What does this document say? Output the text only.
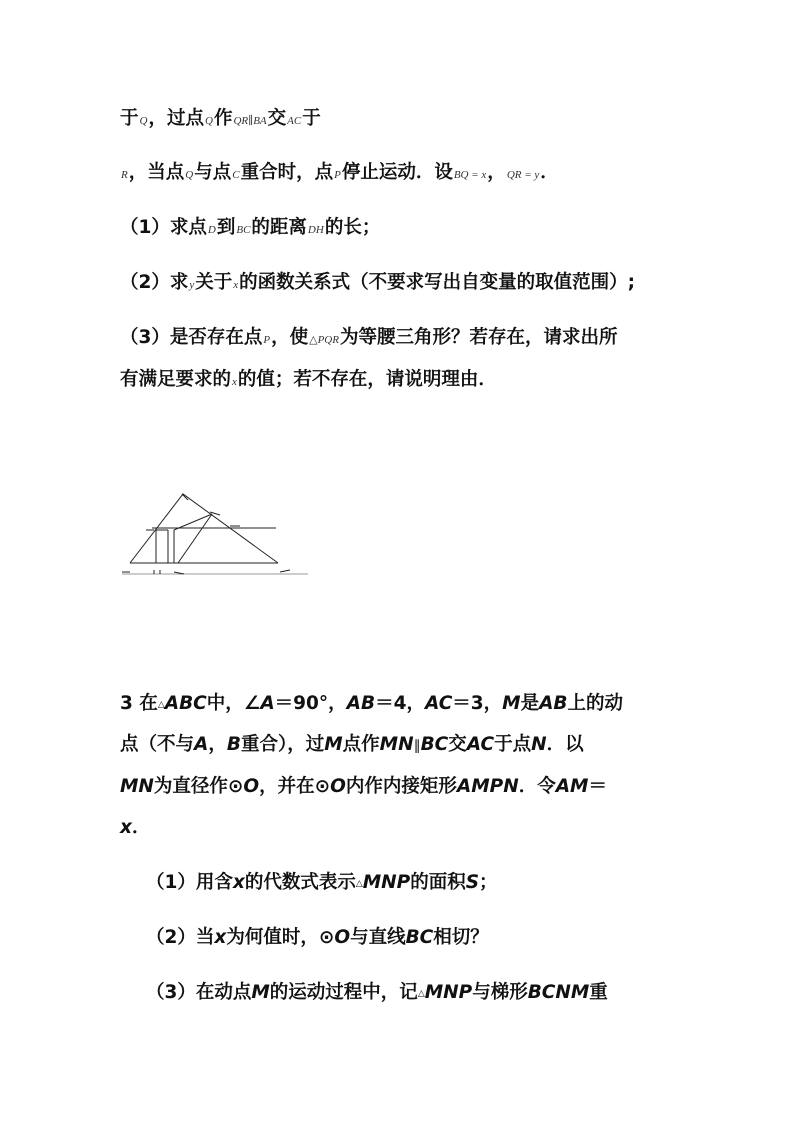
于Q，过点Q作QR∥BA交AC于
R，当点Q与点C重合时，点P停止运动．设BQ = x，QR = y．
（1）求点D到BC的距离DH的长；
（2）求y关于x的函数关系式（不要求写出自变量的取值范围）;
（3）是否存在点P，使△PQR为等腰三角形？若存在，请求出所
有满足要求的x的值；若不存在，请说明理由．
3 在△ABC中，∠A＝90°，AB＝4，AC＝3，M是AB上的动
点（不与A，B重合），过M点作MN∥BC交AC于点N．以
MN为直径作⊙O，并在⊙O内作内接矩形AMPN．令AM＝
x．
（1）用含x的代数式表示△MNP的面积S；
（2）当x为何值时，⊙O与直线BC相切？
（3）在动点M的运动过程中，记△MNP与梯形BCNM重
